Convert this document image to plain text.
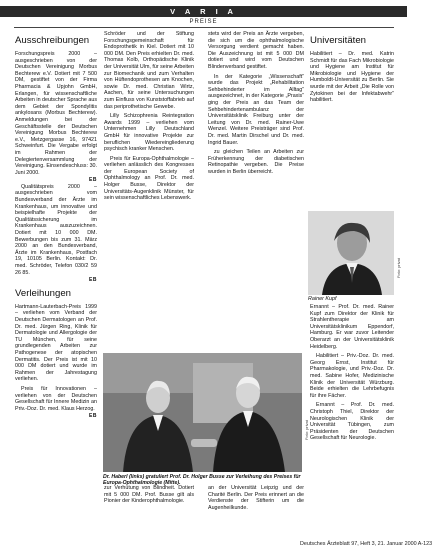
V A R I A
PREISE
Ausschreibungen

Forschungspreis 2000 – ausgeschrieben von der Deutschen Vereinigung Morbus Bechterew e.V. Dotiert mit 7 500 DM, gestiftet von der Firma Pharmacia & Upjohn GmbH, Erlangen, für wissenschaftliche Arbeiten in deutscher Sprache aus dem Gebiet der Spondylitis ankylosans (Morbus Bechterew). Anmeldungen bei der Geschäftsstelle der Deutschen Vereinigung Morbus Bechterew e.V., Metzgergasse 16, 97421 Schweinfurt. Die Vergabe erfolgt im Rahmen der Delegiertenversammlung der Vereinigung. Einsendeschluss: 30. Juni 2000.

EB

Qualitätspreis 2000 – ausgeschrieben vom Bundesverband der Ärzte im Krankenhaus, um innovative und beispielhafte Projekte der Qualitätssicherung im Krankenhaus auszuzeichnen. Dotiert mit 10 000 DM. Bewerbungen bis zum 31. März 2000 an den Bundesverband, Ärzte im Krankenhaus, Postfach 19, 10105 Berlin. Kontakt: Dr. med. Schröder, Telefon 030/2 59 26 85.

EB
Verleihungen

Hartmann-Lauterbach-Preis 1999 – verliehen vom Verband der Deutschen Dermatologen an Prof. Dr. med. Jürgen Ring, Klinik für Dermatologie und Allergologie der TU München, für seine grundlegenden Arbeiten zur Pathogenese der atopischen Dermatitis. Der Preis ist mit 10 000 DM dotiert und wurde im Rahmen der Jahrestagung verliehen.

Preis für Innovationen – verliehen von der Deutschen Gesellschaft für Innere Medizin an Priv.-Doz. Dr. med. Klaus Herzog.

EB

Schröder und der Stiftung Forschungsgemeinschaft für Endoprothetik in Kiel. Dotiert mit 10 000 DM. Den Preis erhielten Dr. med. Thomas Kolb, Orthopädische Klinik der Universität Ulm, für seine Arbeiten zur Biomechanik und zum Verhalten von Hüftendoprothesen am Knochen, sowie Dr. med. Christian Wirtz, Aachen, für seine Untersuchungen zum Einfluss von Kunststoffabrieb auf das periprothetische Gewebe.

Lilly Schizophrenia Reintegration Awards 1999 – verliehen vom Unternehmen Lilly Deutschland GmbH für innovative Projekte zur beruflichen Wiedereingliederung psychisch kranker Menschen.

Preis für Europa-Ophthalmologie – verliehen anlässlich des Kongresses der European Society of Ophthalmology an Prof. Dr. med. Holger Busse, Direktor der Universitäts-Augenklinik Münster, für sein wissenschaftliches Lebenswerk.

stets wird der Preis an Ärzte vergeben, die sich um die ophthalmologische Versorgung verdient gemacht haben. Die Auszeichnung ist mit 5 000 DM dotiert und wird vom Deutschen Blindenverband gestiftet.

In der Kategorie „Wissenschaft“ wurde das Projekt „Rehabilitation Sehbehinderter im Alltag“ ausgezeichnet, in der Kategorie „Praxis“ ging der Preis an das Team der Sehbehindertenambulanz der Universitätsklinik Freiburg unter der Leitung von Dr. med. Rainer-Uwe Wenzel. Weitere Preisträger sind Prof. Dr. med. Martin Dirschel und Dr. med. Ingrid Bauer.

zu gleichen Teilen an Arbeiten zur Früherkennung der diabetischen Retinopathie vergeben. Die Preise wurden in Berlin überreicht.

Universitäten

Habilitiert – Dr. med. Katrin Schmidt für das Fach Mikrobiologie und Hygiene am Institut für Mikrobiologie und Hygiene der Humboldt-Universität zu Berlin. Sie wurde mit der Arbeit „Die Rolle von Zytokinen bei der Infektabwehr“ habilitiert.

Foto: privat
Rainer Kupf

Ernannt – Prof. Dr. med. Rainer Kupf zum Direktor der Klinik für Strahlentherapie am Universitätsklinikum Eppendorf, Hamburg. Er war zuvor Leitender Oberarzt an der Universitätsklinik Heidelberg.

Habilitiert – Priv.-Doz. Dr. med. Georg Ernst, Institut für Pharmakologie, und Priv.-Doz. Dr. med. Sabine Hofer, Medizinische Klinik der Universität Würzburg. Beide erhielten die Lehrbefugnis für ihre Fächer.

Ernannt – Prof. Dr. med. Christoph Thiel, Direktor der Neurologischen Klinik der Universität Tübingen, zum Präsidenten der Deutschen Gesellschaft für Neurologie.

Foto: privat
Dr. Haberl (links) gratuliert Prof. Dr. Holger Busse zur Verleihung des Preises für Europa-Ophthalmologie (Mitte).

zur Verhütung von Blindheit. Dotiert mit 5 000 DM. Prof. Busse gilt als Pionier der Kinderophthalmologie.

an der Universität Leipzig und der Charité Berlin. Der Preis erinnert an die Verdienste der Stifterin um die Augenheilkunde.

Deutsches Ärzteblatt 97, Heft 3, 21. Januar 2000 A-123
